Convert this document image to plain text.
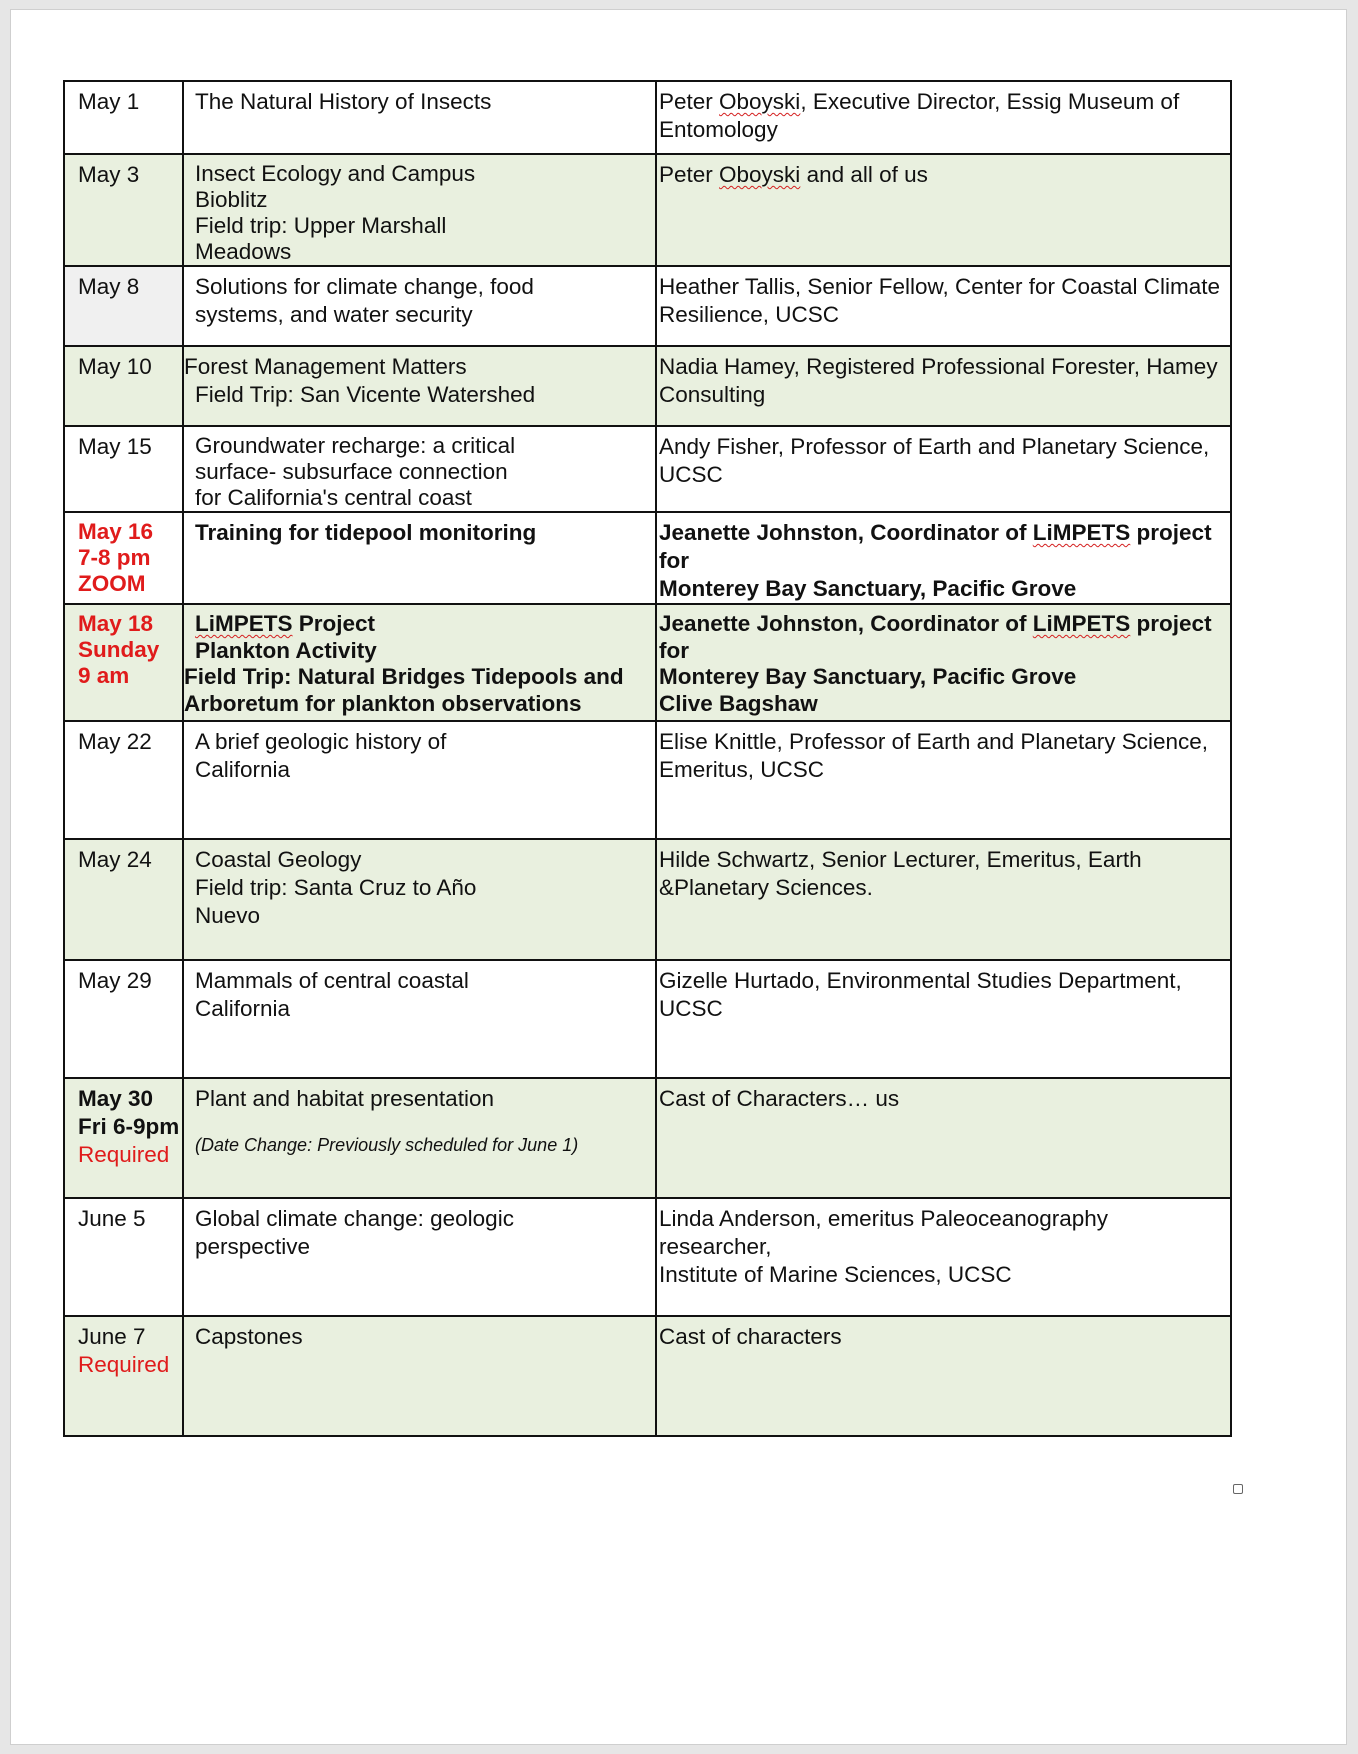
May 1	The Natural History of Insects	Peter Oboyski, Executive Director, Essig Museum of Entomology

May 3	Insect Ecology and Campus
Bioblitz
Field trip: Upper Marshall
Meadows	Peter Oboyski and all of us

May 8	Solutions for climate change, food
systems, and water security	Heather Tallis, Senior Fellow, Center for Coastal Climate
Resilience, UCSC

May 10	Forest Management Matters
Field Trip: San Vicente Watershed	Nadia Hamey, Registered Professional Forester, Hamey
Consulting

May 15	Groundwater recharge: a critical
surface- subsurface connection
for California's central coast	Andy Fisher, Professor of Earth and Planetary Science,
UCSC

May 16
7-8 pm
ZOOM	Training for tidepool monitoring	Jeanette Johnston, Coordinator of LiMPETS project for
Monterey Bay Sanctuary, Pacific Grove

May 18
Sunday
9 am	LiMPETS Project
Plankton Activity
Field Trip: Natural Bridges Tidepools and
Arboretum for plankton observations	Jeanette Johnston, Coordinator of LiMPETS project for
Monterey Bay Sanctuary, Pacific Grove
Clive Bagshaw

May 22	A brief geologic history of
California	Elise Knittle, Professor of Earth and Planetary Science,
Emeritus, UCSC

May 24	Coastal Geology
Field trip: Santa Cruz to Año
Nuevo	Hilde Schwartz, Senior Lecturer, Emeritus, Earth
&Planetary Sciences.

May 29	Mammals of central coastal
California	Gizelle Hurtado, Environmental Studies Department,
UCSC

May 30
Fri 6-9pm
Required	Plant and habitat presentation
(Date Change: Previously scheduled for June 1)	Cast of Characters… us

June 5	Global climate change: geologic
perspective	Linda Anderson, emeritus Paleoceanography researcher,
Institute of Marine Sciences, UCSC

June 7
Required	Capstones	Cast of characters
